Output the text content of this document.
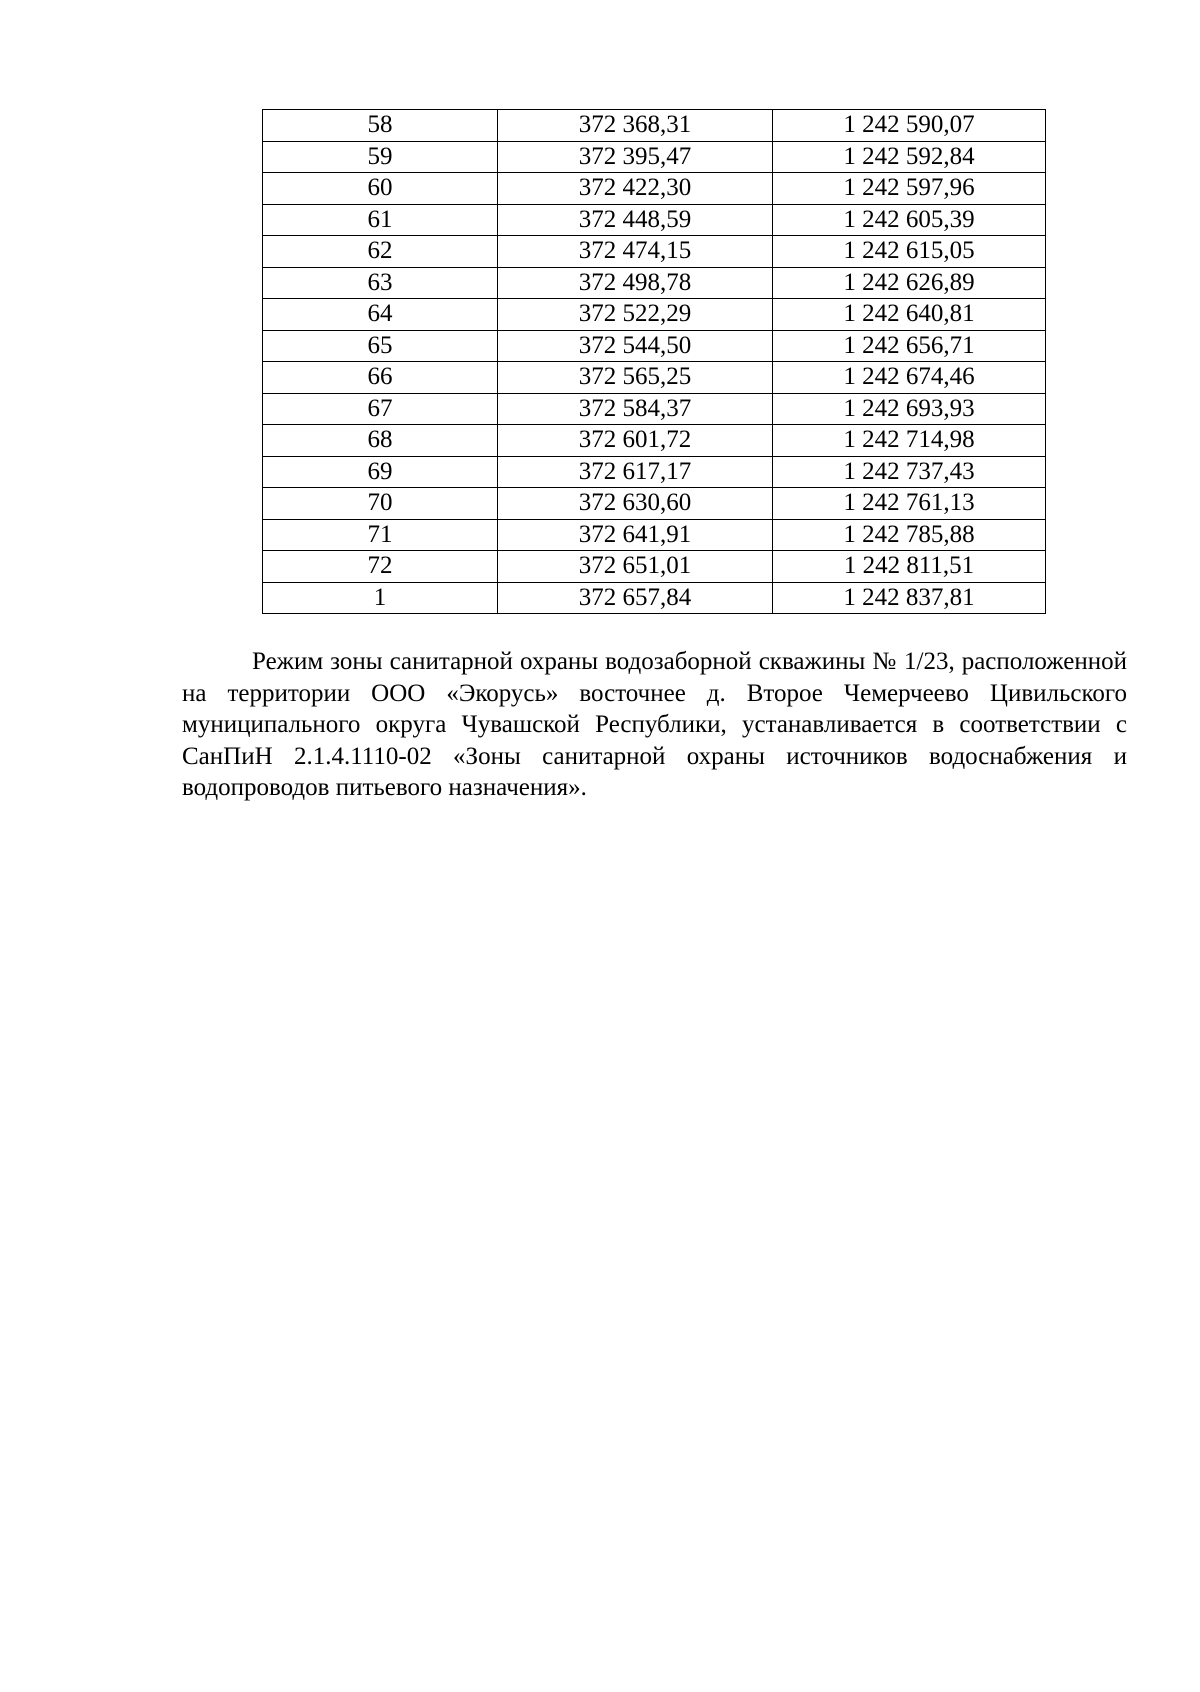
58	372 368,31	1 242 590,07
59	372 395,47	1 242 592,84
60	372 422,30	1 242 597,96
61	372 448,59	1 242 605,39
62	372 474,15	1 242 615,05
63	372 498,78	1 242 626,89
64	372 522,29	1 242 640,81
65	372 544,50	1 242 656,71
66	372 565,25	1 242 674,46
67	372 584,37	1 242 693,93
68	372 601,72	1 242 714,98
69	372 617,17	1 242 737,43
70	372 630,60	1 242 761,13
71	372 641,91	1 242 785,88
72	372 651,01	1 242 811,51
1	372 657,84	1 242 837,81

Режим зоны санитарной охраны водозаборной скважины № 1/23, расположенной на территории ООО «Экорусь» восточнее д. Второе Чемерчеево Цивильского муниципального округа Чувашской Республики, устанавливается в соответствии с СанПиН 2.1.4.1110-02 «Зоны санитарной охраны источников водоснабжения и водопроводов питьевого назначения».
